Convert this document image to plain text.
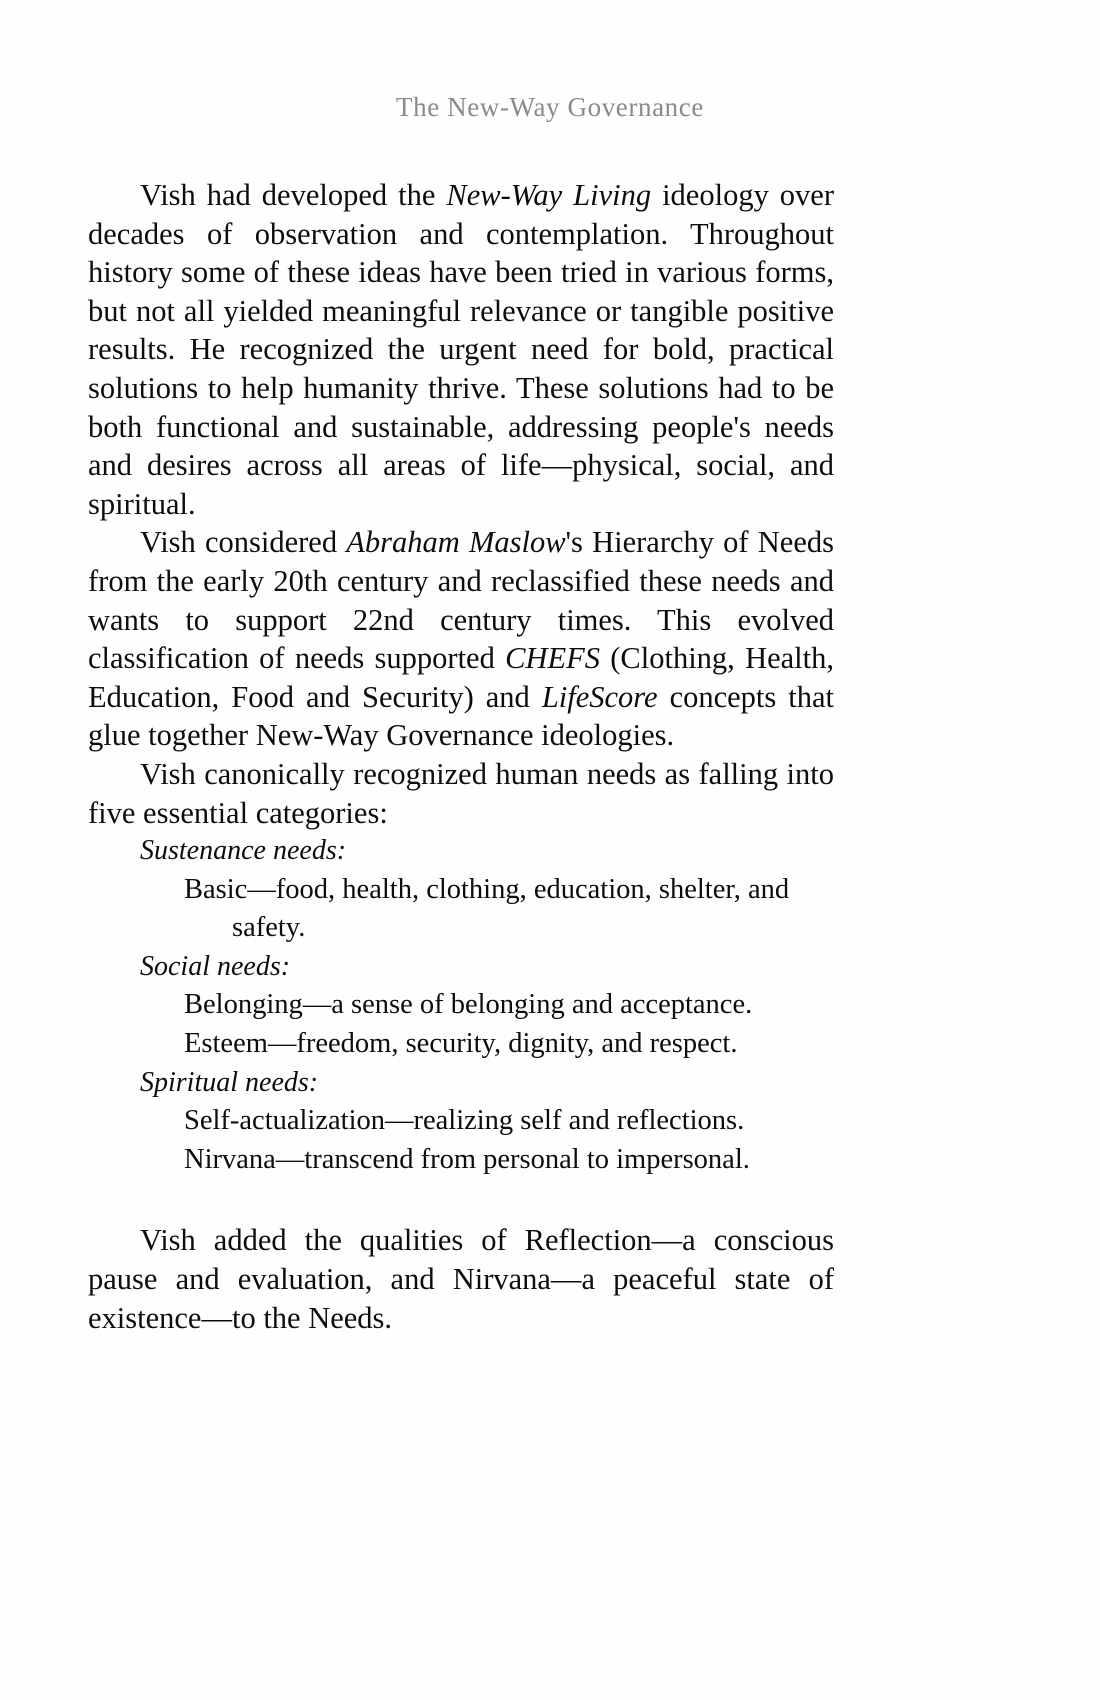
The New-Way Governance

Vish had developed the New-Way Living ideology over decades of observation and contemplation. Throughout history some of these ideas have been tried in various forms, but not all yielded meaningful relevance or tangible positive results. He recognized the urgent need for bold, practical solutions to help humanity thrive. These solutions had to be both functional and sustainable, addressing people's needs and desires across all areas of life—physical, social, and spiritual.

Vish considered Abraham Maslow's Hierarchy of Needs from the early 20th century and reclassified these needs and wants to support 22nd century times. This evolved classification of needs supported CHEFS (Clothing, Health, Education, Food and Security) and LifeScore concepts that glue together New-Way Governance ideologies.

Vish canonically recognized human needs as falling into five essential categories:

Sustenance needs:
Basic—food, health, clothing, education, shelter, and safety.
Social needs:
Belonging—a sense of belonging and acceptance.
Esteem—freedom, security, dignity, and respect.
Spiritual needs:
Self-actualization—realizing self and reflections.
Nirvana—transcend from personal to impersonal.

Vish added the qualities of Reflection—a conscious pause and evaluation, and Nirvana—a peaceful state of existence—to the Needs.
